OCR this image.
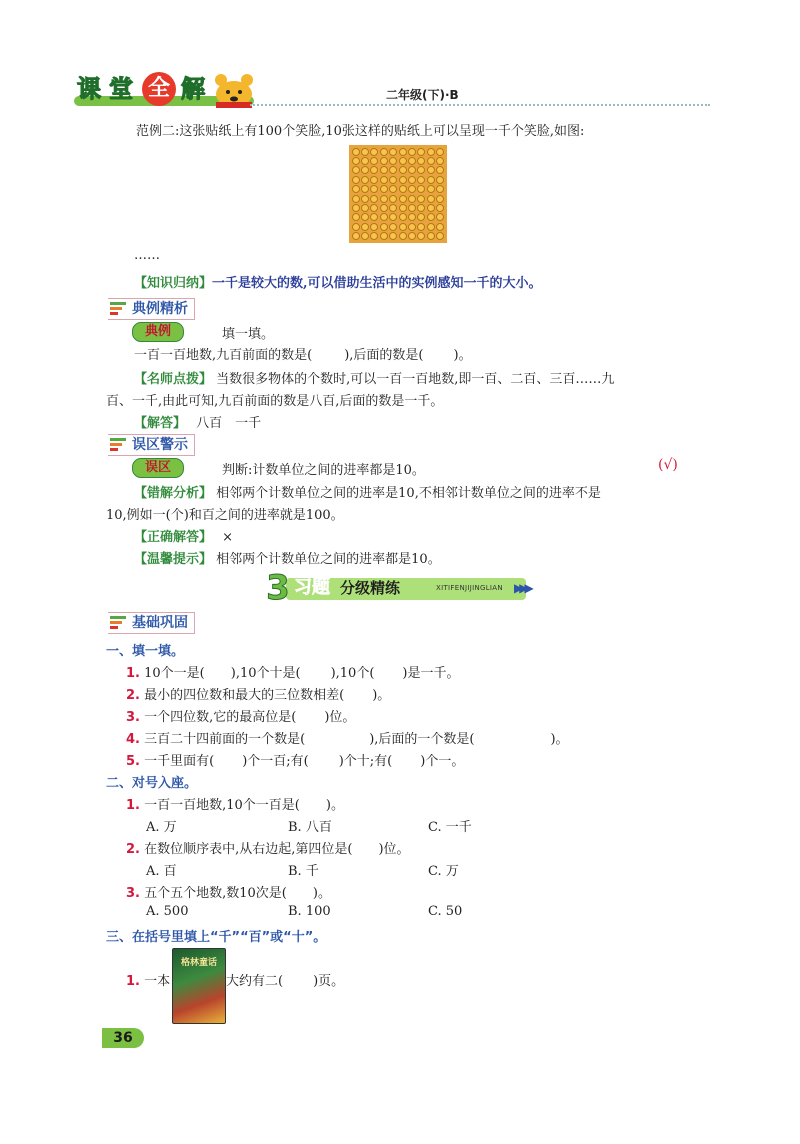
课 堂 全 解	二年级(下)·B
范例二:这张贴纸上有100个笑脸,10张这样的贴纸上可以呈现一千个笑脸,如图:
……
【知识归纳】一千是较大的数,可以借助生活中的实例感知一千的大小。
典例精析
典例	填一填。
一百一百地数,九百前面的数是( ),后面的数是( )。
【名师点拨】 当数很多物体的个数时,可以一百一百地数,即一百、二百、三百……九
百、一千,由此可知,九百前面的数是八百,后面的数是一千。
【解答】 八百　一千
误区警示
误区	判断:计数单位之间的进率都是10。	(√)
【错解分析】 相邻两个计数单位之间的进率是10,不相邻计数单位之间的进率不是
10,例如一(个)和百之间的进率就是100。
【正确解答】 ×
【温馨提示】 相邻两个计数单位之间的进率都是10。
3 习题 分级精练	XITIFENJIJINGLIAN ▶▶▶
基础巩固
一、填一填。
1. 10个一是( ),10个十是( ),10个( )是一千。
2. 最小的四位数和最大的三位数相差( )。
3. 一个四位数,它的最高位是( )位。
4. 三百二十四前面的一个数是(	),后面的一个数是(	)。
5. 一千里面有( )个一百;有( )个十;有( )个一。
二、对号入座。
1. 一百一百地数,10个一百是( )。
A. 万	B. 八百	C. 一千
2. 在数位顺序表中,从右边起,第四位是( )位。
A. 百	B. 千	C. 万
3. 五个五个地数,数10次是( )。
A. 500	B. 100	C. 50
三、在括号里填上“千”“百”或“十”。
1. 一本
格林童话
大约有二( )页。
36
